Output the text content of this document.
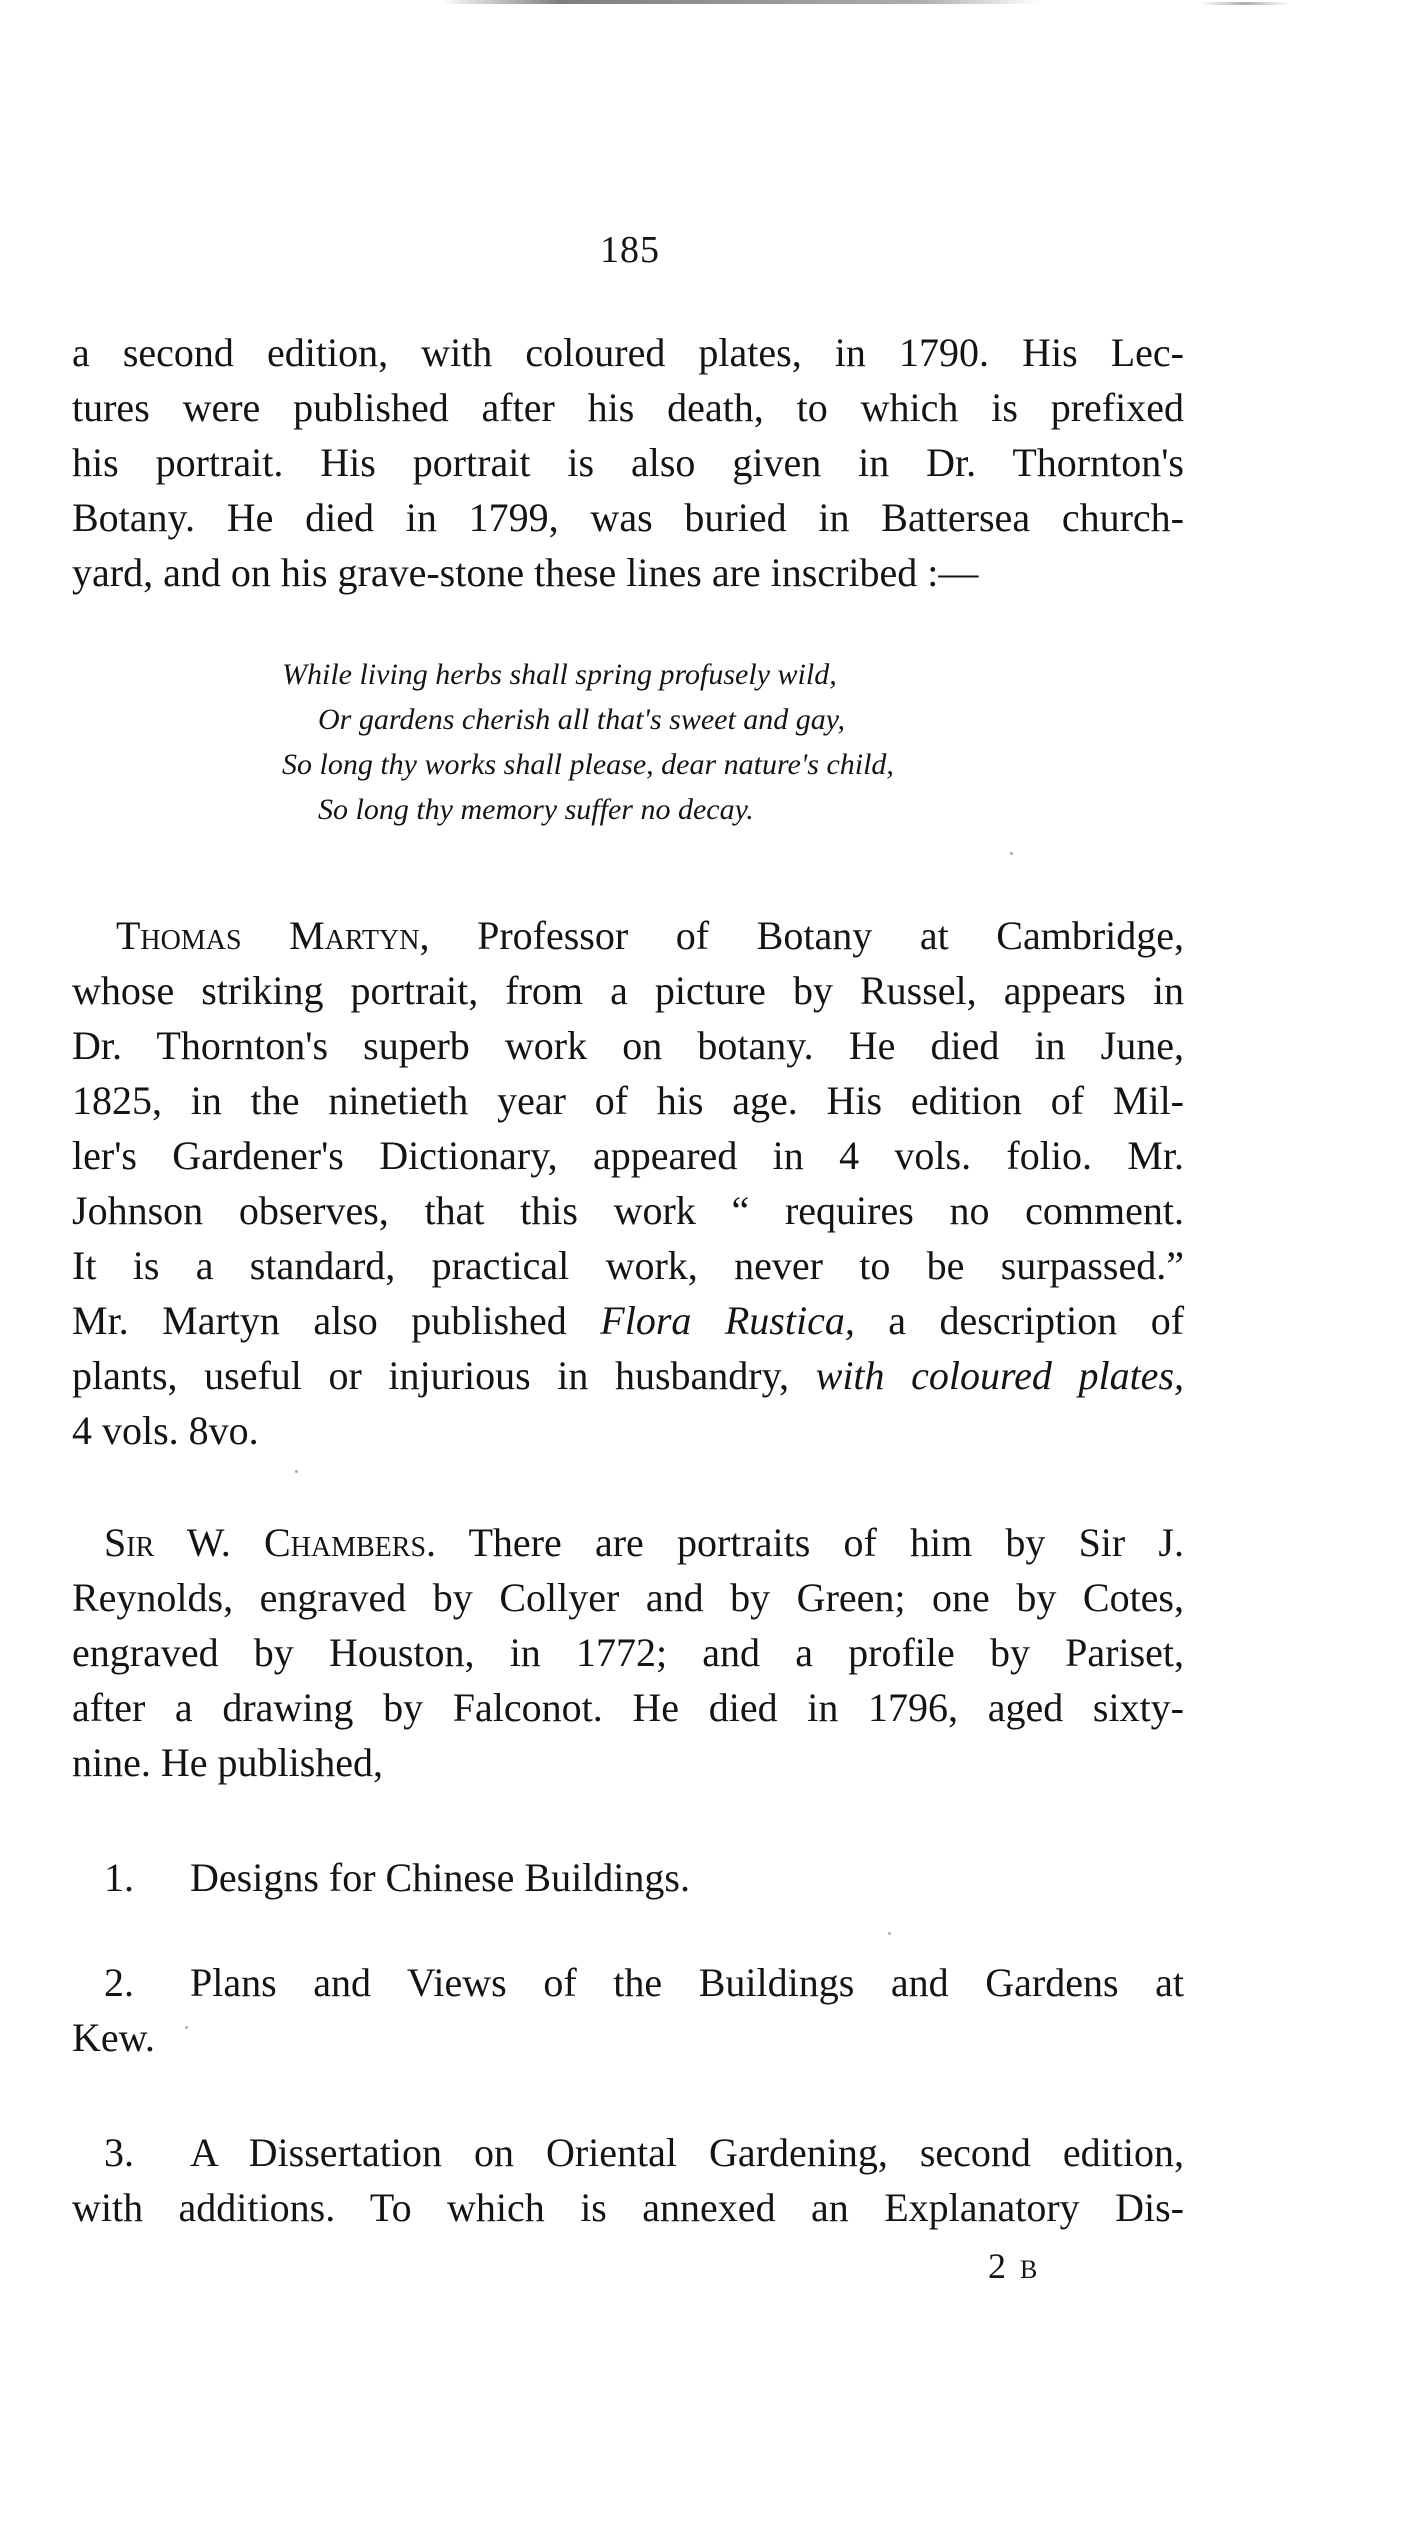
185
a second edition, with coloured plates, in 1790. His Lec-
tures were published after his death, to which is prefixed
his portrait. His portrait is also given in Dr. Thornton's
Botany. He died in 1799, was buried in Battersea church-
yard, and on his grave-stone these lines are inscribed :—
While living herbs shall spring profusely wild,
Or gardens cherish all that's sweet and gay,
So long thy works shall please, dear nature's child,
So long thy memory suffer no decay.
Thomas Martyn, Professor of Botany at Cambridge,
whose striking portrait, from a picture by Russel, appears in
Dr. Thornton's superb work on botany. He died in June,
1825, in the ninetieth year of his age. His edition of Mil-
ler's Gardener's Dictionary, appeared in 4 vols. folio. Mr.
Johnson observes, that this work “ requires no comment.
It is a standard, practical work, never to be surpassed.”
Mr. Martyn also published Flora Rustica, a description of
plants, useful or injurious in husbandry, with coloured plates,
4 vols. 8vo.
Sir W. Chambers. There are portraits of him by Sir J.
Reynolds, engraved by Collyer and by Green; one by Cotes,
engraved by Houston, in 1772; and a profile by Pariset,
after a drawing by Falconot. He died in 1796, aged sixty-
nine. He published,
1. Designs for Chinese Buildings.
2. Plans and Views of the Buildings and Gardens at
Kew.
3. A Dissertation on Oriental Gardening, second edition,
with additions. To which is annexed an Explanatory Dis-
2 B
